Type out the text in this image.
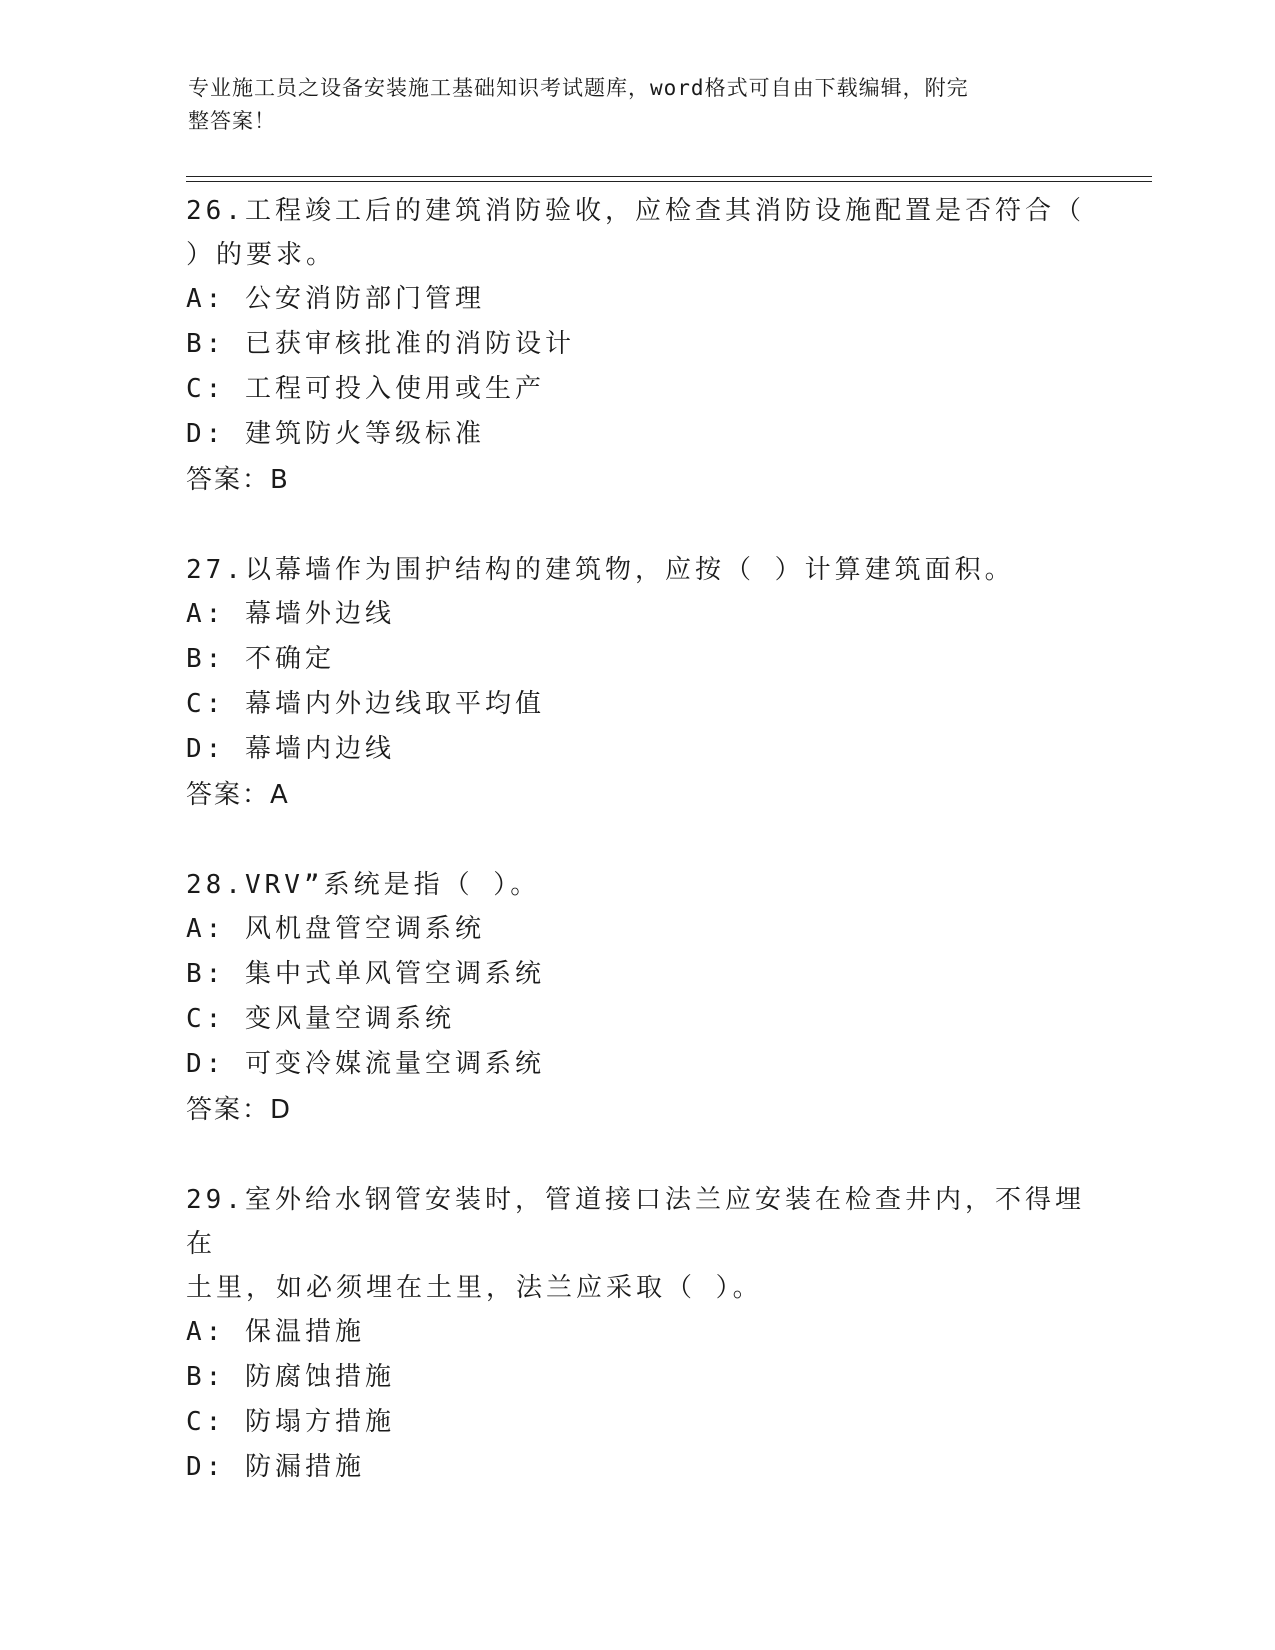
专业施工员之设备安装施工基础知识考试题库，word格式可自由下载编辑，附完
整答案！
26.工程竣工后的建筑消防验收，应检查其消防设施配置是否符合（
）的要求。
A: 公安消防部门管理
B: 已获审核批准的消防设计
C: 工程可投入使用或生产
D: 建筑防火等级标准
答案：B
27.以幕墙作为围护结构的建筑物，应按（ ）计算建筑面积。
A: 幕墙外边线
B: 不确定
C: 幕墙内外边线取平均值
D: 幕墙内边线
答案：A
28.VRV”系统是指（ ）。
A: 风机盘管空调系统
B: 集中式单风管空调系统
C: 变风量空调系统
D: 可变冷媒流量空调系统
答案：D
29.室外给水钢管安装时，管道接口法兰应安装在检查井内，不得埋在
土里，如必须埋在土里，法兰应采取（ ）。
A: 保温措施
B: 防腐蚀措施
C: 防塌方措施
D: 防漏措施
